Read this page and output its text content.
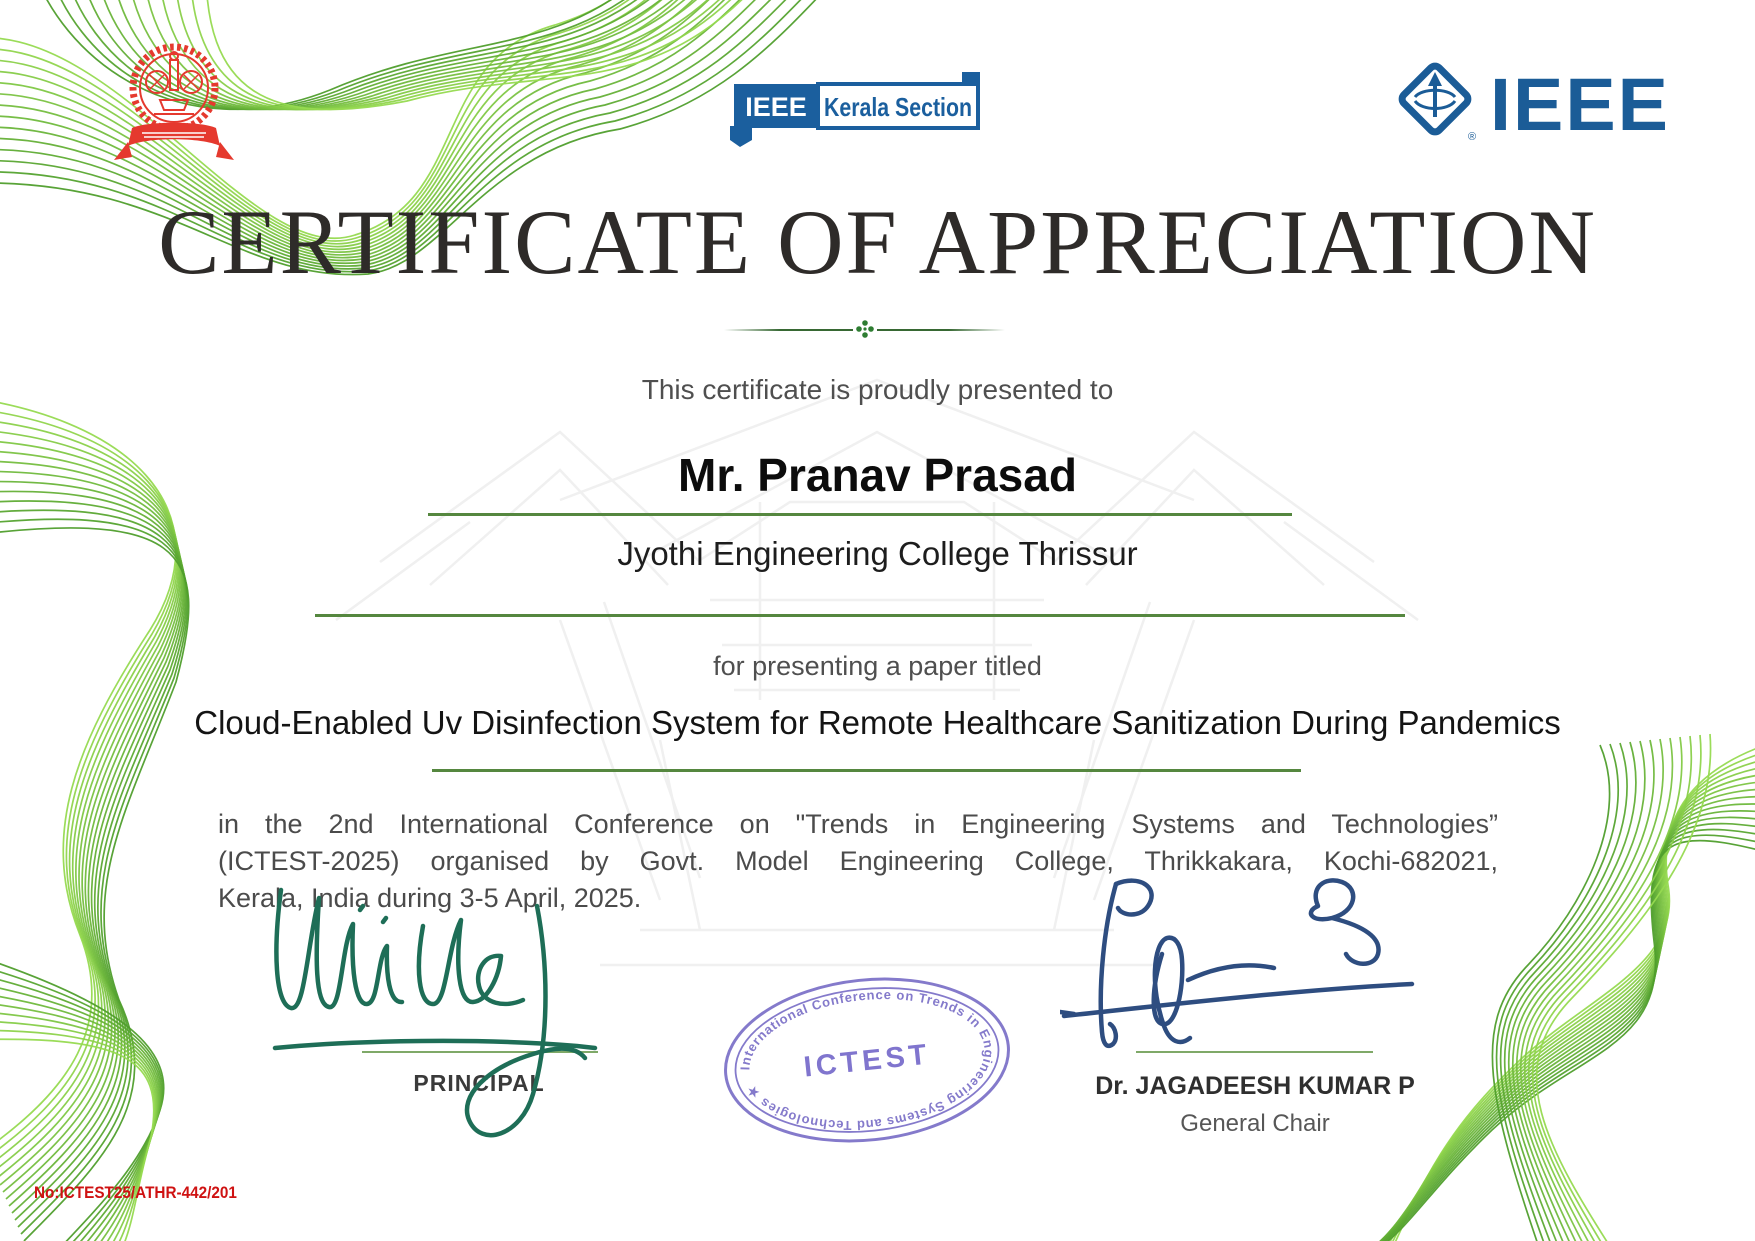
IEEE Kerala Section
® IEEE
CERTIFICATE OF APPRECIATION
This certificate is proudly presented to
Mr. Pranav Prasad
Jyothi Engineering College Thrissur
for presenting a paper titled
Cloud-Enabled Uv Disinfection System for Remote Healthcare Sanitization During Pandemics
in the 2nd International Conference on "Trends in Engineering Systems and Technologies”
(ICTEST-2025) organised by Govt. Model Engineering College, Thrikkakara, Kochi-682021,
Kerala, India during 3-5 April, 2025.
PRINCIPAL
International Conference on Trends in Engineering Systems and Technologies ★
ICTEST
Dr. JAGADEESH KUMAR P
General Chair
No:ICTEST25/ATHR-442/201
